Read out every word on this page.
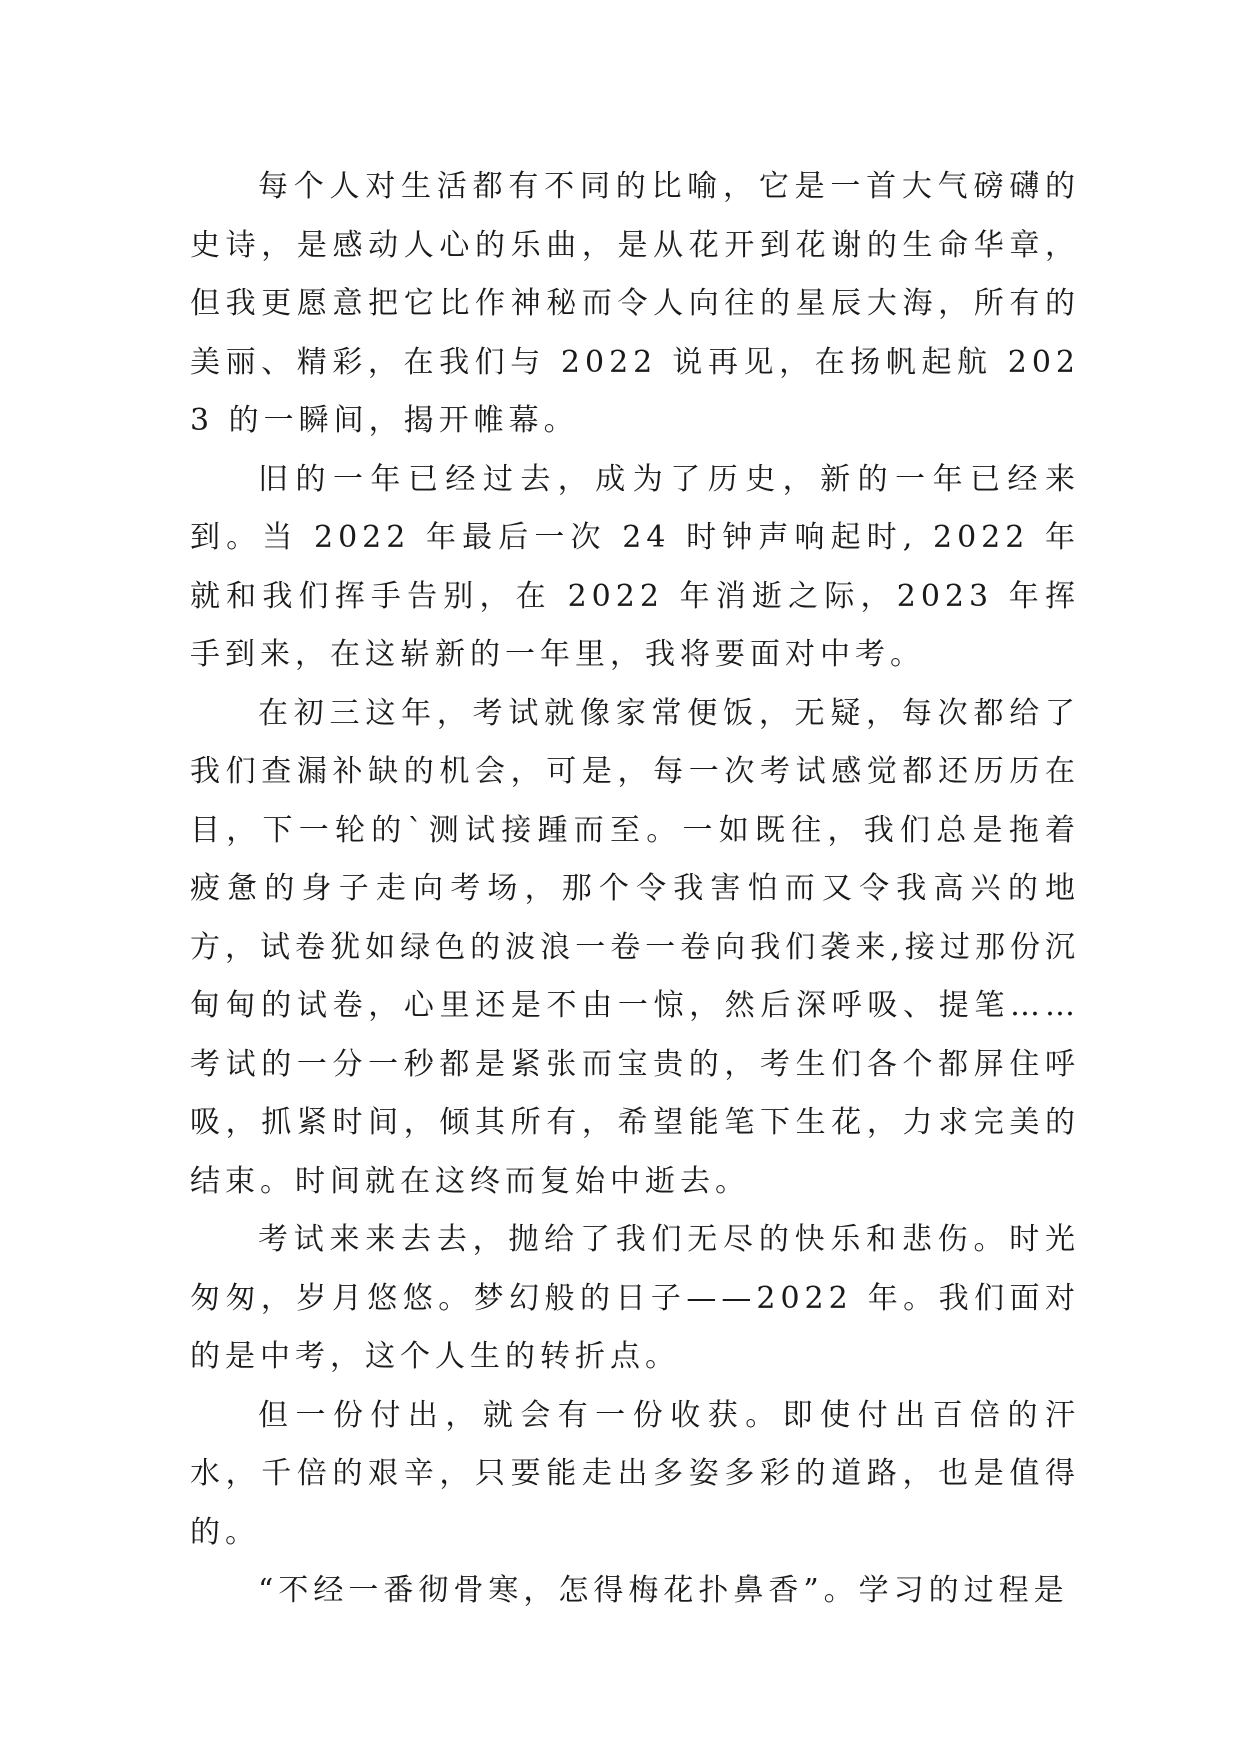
每个人对生活都有不同的比喻，它是一首大气磅礴的史诗，是感动人心的乐曲，是从花开到花谢的生命华章，但我更愿意把它比作神秘而令人向往的星辰大海，所有的美丽、精彩，在我们与 2022 说再见，在扬帆起航 2023 的一瞬间，揭开帷幕。

旧的一年已经过去，成为了历史，新的一年已经来到。当 2022 年最后一次 24 时钟声响起时, 2022 年就和我们挥手告别，在 2022 年消逝之际，2023 年挥手到来，在这崭新的一年里，我将要面对中考。

在初三这年，考试就像家常便饭，无疑，每次都给了我们查漏补缺的机会，可是，每一次考试感觉都还历历在目，下一轮的`测试接踵而至。一如既往，我们总是拖着疲惫的身子走向考场，那个令我害怕而又令我高兴的地方，试卷犹如绿色的波浪一卷一卷向我们袭来,接过那份沉甸甸的试卷，心里还是不由一惊，然后深呼吸、提笔……考试的一分一秒都是紧张而宝贵的，考生们各个都屏住呼吸，抓紧时间，倾其所有，希望能笔下生花，力求完美的结束。时间就在这终而复始中逝去。

考试来来去去，抛给了我们无尽的快乐和悲伤。时光匆匆，岁月悠悠。梦幻般的日子——2022 年。我们面对的是中考，这个人生的转折点。

但一份付出，就会有一份收获。即使付出百倍的汗水，千倍的艰辛，只要能走出多姿多彩的道路，也是值得的。

“不经一番彻骨寒，怎得梅花扑鼻香”。学习的过程是
